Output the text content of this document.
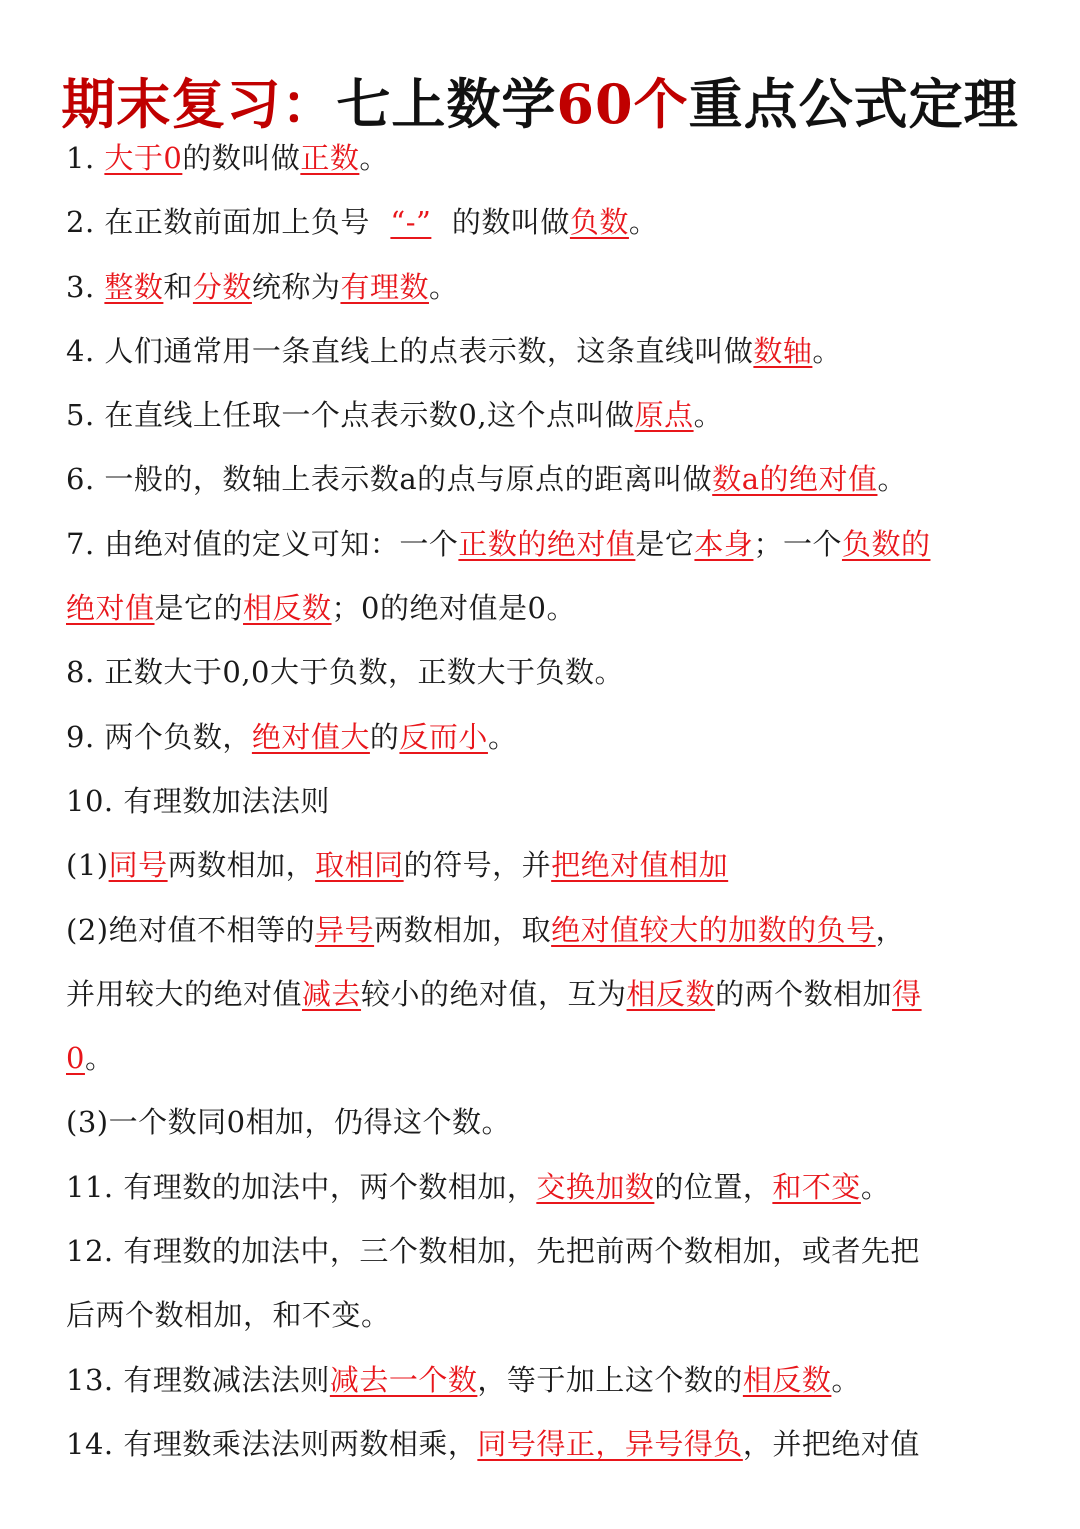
期末复习：七上数学60个重点公式定理
1. 大于0的数叫做正数。
2. 在正数前面加上负号 “-” 的数叫做负数。
3. 整数和分数统称为有理数。
4. 人们通常用一条直线上的点表示数，这条直线叫做数轴。
5. 在直线上任取一个点表示数0,这个点叫做原点。
6. 一般的，数轴上表示数a的点与原点的距离叫做数a的绝对值。
7. 由绝对值的定义可知：一个正数的绝对值是它本身；一个负数的
绝对值是它的相反数；0的绝对值是0。
8. 正数大于0,0大于负数，正数大于负数。
9. 两个负数，绝对值大的反而小。
10. 有理数加法法则
(1)同号两数相加，取相同的符号，并把绝对值相加
(2)绝对值不相等的异号两数相加，取绝对值较大的加数的负号，
并用较大的绝对值减去较小的绝对值，互为相反数的两个数相加得
0。
(3)一个数同0相加，仍得这个数。
11. 有理数的加法中，两个数相加，交换加数的位置，和不变。
12. 有理数的加法中，三个数相加，先把前两个数相加，或者先把
后两个数相加，和不变。
13. 有理数减法法则减去一个数，等于加上这个数的相反数。
14. 有理数乘法法则两数相乘，同号得正，异号得负，并把绝对值
